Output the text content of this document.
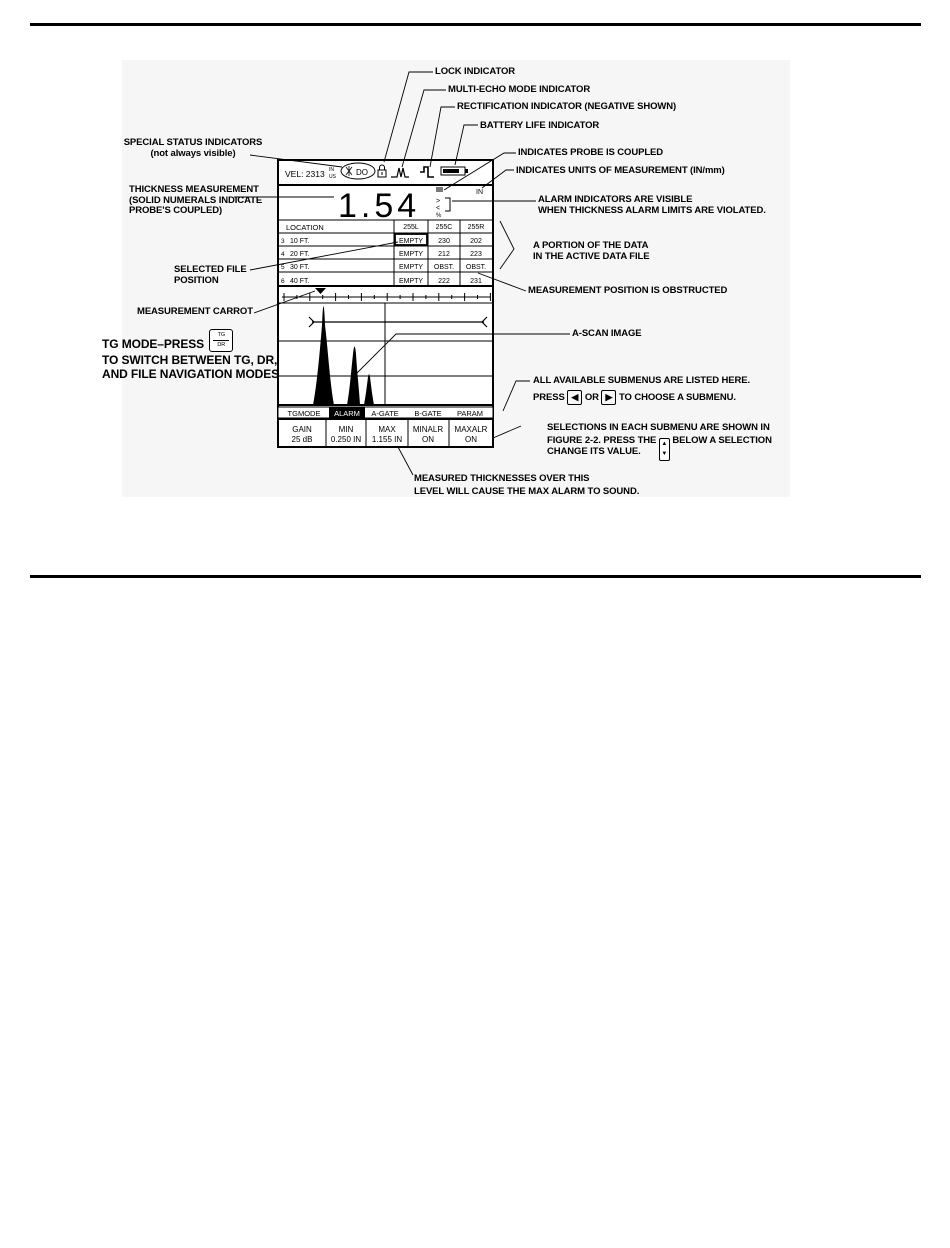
VEL: 2313 IN
US	DO
1.54	IN
>
<
%
LOCATION	255L 255C 255R
3 10 FT.	EMPTY 230	202
4 20 FT.	EMPTY 212	223
5 30 FT.	EMPTY OBST. OBST.
6 40 FT.	EMPTY 222	231
TGMODE ALARM A-GATE B-GATE PARAM
GAIN
25 dB
MIN
0.250 IN
MAX
1.155 IN
MINALR
ON
MAXALR
ON
LOCK INDICATOR
MULTI-ECHO MODE INDICATOR
RECTIFICATION INDICATOR (NEGATIVE SHOWN)
BATTERY LIFE INDICATOR
SPECIAL STATUS INDICATORS
(not always visible)	INDICATES PROBE IS COUPLED
INDICATES UNITS OF MEASUREMENT (IN/mm)
THICKNESS MEASUREMENT
(SOLID NUMERALS INDICATE
PROBE'S COUPLED)
ALARM INDICATORS ARE VISIBLE
WHEN THICKNESS ALARM LIMITS ARE VIOLATED.
A PORTION OF THE DATA
IN THE ACTIVE DATA FILE
SELECTED FILE
POSITION
MEASUREMENT POSITION IS OBSTRUCTED
MEASUREMENT CARROT
TG MODE–PRESS $\frac{TG}{DR}$
TO SWITCH BETWEEN TG, DR,
AND FILE NAVIGATION MODES
A-SCAN IMAGE
ALL AVAILABLE SUBMENUS ARE LISTED HERE.
PRESS ◀ OR ▶ TO CHOOSE A SUBMENU.
SELECTIONS IN EACH SUBMENU ARE SHOWN IN
FIGURE 2-2. PRESS THE ▲
▼ BELOW A SELECTION
CHANGE ITS VALUE.
MEASURED THICKNESSES OVER THIS
LEVEL WILL CAUSE THE MAX ALARM TO SOUND.
